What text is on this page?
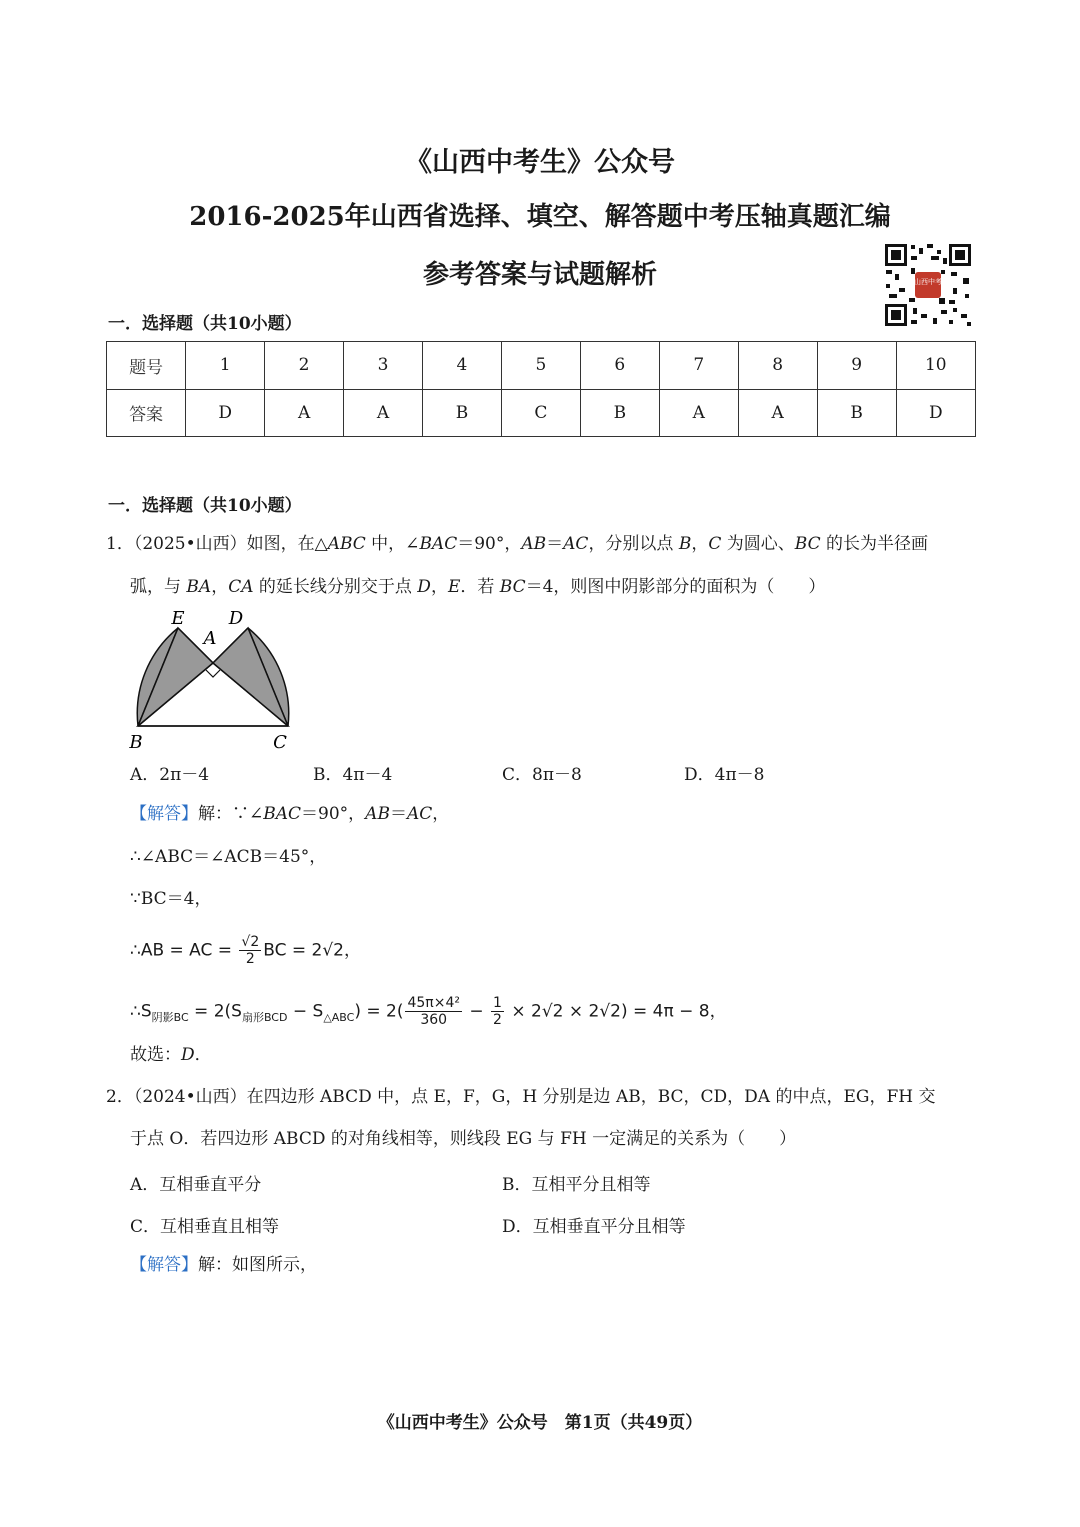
《山西中考生》公众号
2016-2025年山西省选择、填空、解答题中考压轴真题汇编
参考答案与试题解析	山西中考
一．选择题（共10小题）
题号	1	2	3	4	5	6	7	8	9	10
答案	D	A	A	B	C	B	A	A	B	D
一．选择题（共10小题）
1．（2025•山西）如图，在△ABC 中，∠BAC＝90°，AB＝AC，分别以点 B，C 为圆心、BC 的长为半径画
弧，与 BA，CA 的延长线分别交于点 D，E．若 BC＝4，则图中阴影部分的面积为（　　）
E
A
D
B	C
A．2π－4	B．4π－4	C．8π－8	D．4π－8
【解答】解：∵∠BAC＝90°，AB＝AC，
∴∠ABC＝∠ACB＝45°，
∵BC＝4，
∴AB = AC = $\frac{√2}{2}$ BC = 2√2，
$\therefore S_{阴影BC} = 2(S_{扇形BCD} - S_{\triangle ABC}) = 2( \frac{\text{45π×4²}}{360} - \frac{1}{2} \times 2√2 \times 2√2) = 4\pi - 8$，
故选：D．
2．（2024•山西）在四边形 ABCD 中，点 E，F，G，H 分别是边 AB，BC，CD，DA 的中点，EG，FH 交
于点 O．若四边形 ABCD 的对角线相等，则线段 EG 与 FH 一定满足的关系为（　　）
A．互相垂直平分	B．互相平分且相等
C．互相垂直且相等	D．互相垂直平分且相等
【解答】解：如图所示，
《山西中考生》公众号　第1页（共49页）
